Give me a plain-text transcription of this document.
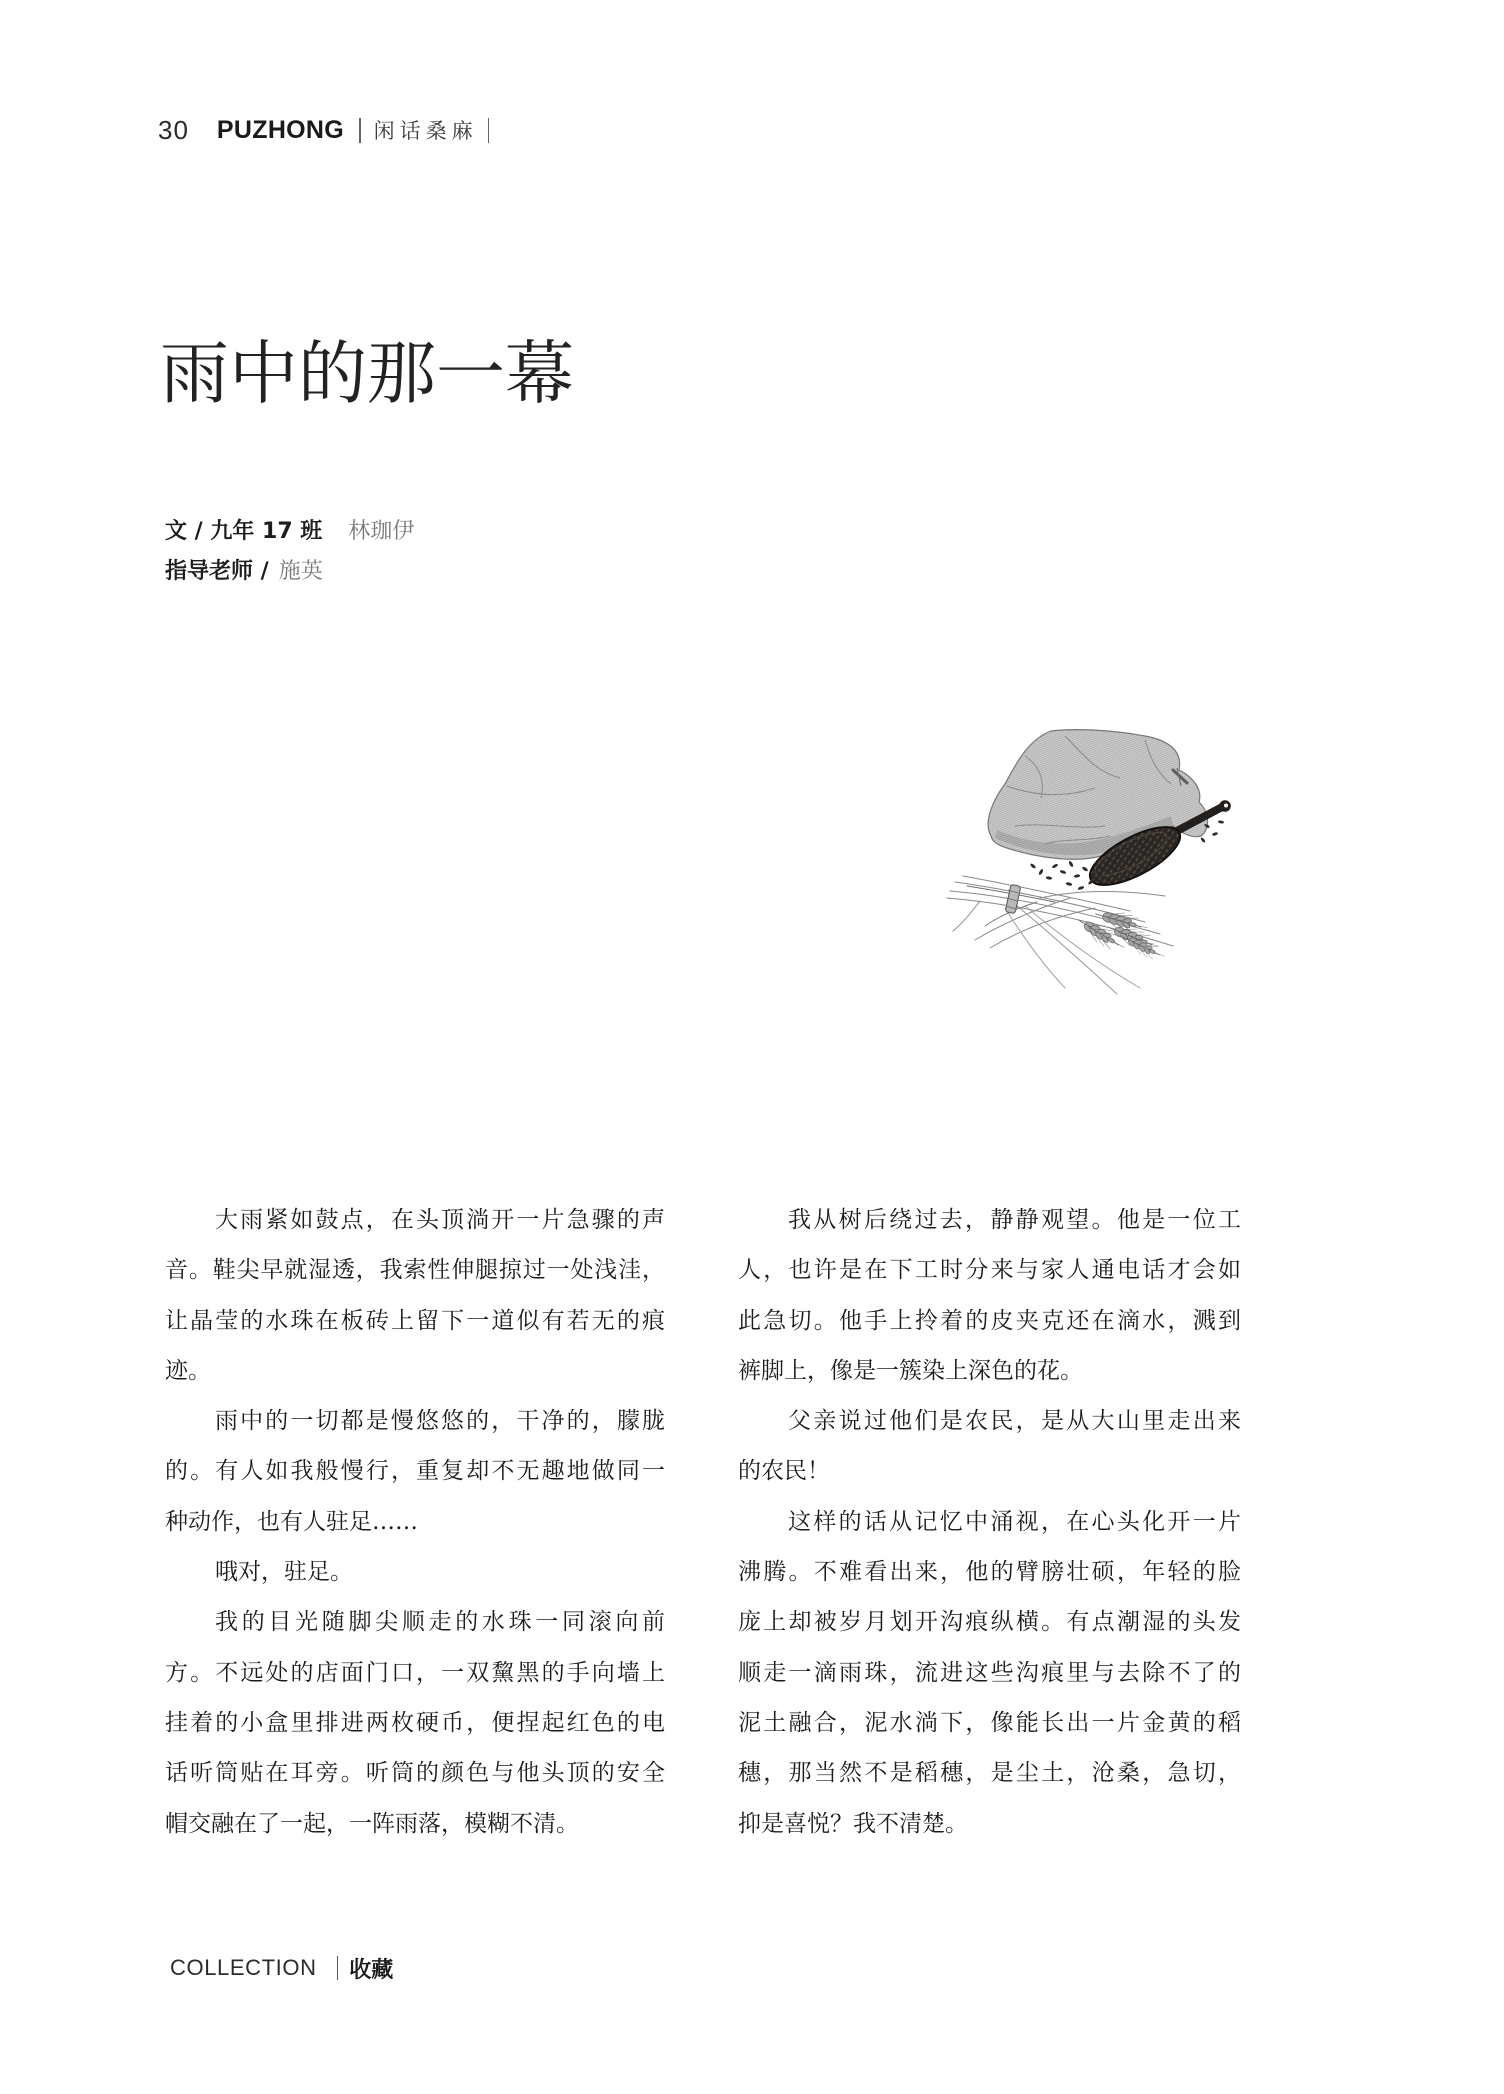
30 PUZHONG 闲话桑麻
雨中的那一幕
文 / 九年 17 班 林珈伊
指导老师 / 施英
大雨紧如鼓点，在头顶淌开一片急骤的声
音。鞋尖早就湿透，我索性伸腿掠过一处浅洼，
让晶莹的水珠在板砖上留下一道似有若无的痕
迹。
雨中的一切都是慢悠悠的，干净的，朦胧
的。有人如我般慢行，重复却不无趣地做同一
种动作，也有人驻足……
哦对，驻足。
我的目光随脚尖顺走的水珠一同滚向前
方。不远处的店面门口，一双黧黑的手向墙上
挂着的小盒里排进两枚硬币，便捏起红色的电
话听筒贴在耳旁。听筒的颜色与他头顶的安全
帽交融在了一起，一阵雨落，模糊不清。
我从树后绕过去，静静观望。他是一位工
人，也许是在下工时分来与家人通电话才会如
此急切。他手上拎着的皮夹克还在滴水，溅到
裤脚上，像是一簇染上深色的花。
父亲说过他们是农民，是从大山里走出来
的农民！
这样的话从记忆中涌视，在心头化开一片
沸腾。不难看出来，他的臂膀壮硕，年轻的脸
庞上却被岁月划开沟痕纵横。有点潮湿的头发
顺走一滴雨珠，流进这些沟痕里与去除不了的
泥土融合，泥水淌下，像能长出一片金黄的稻
穗，那当然不是稻穗，是尘土，沧桑，急切，
抑是喜悦？我不清楚。
COLLECTION 收藏
